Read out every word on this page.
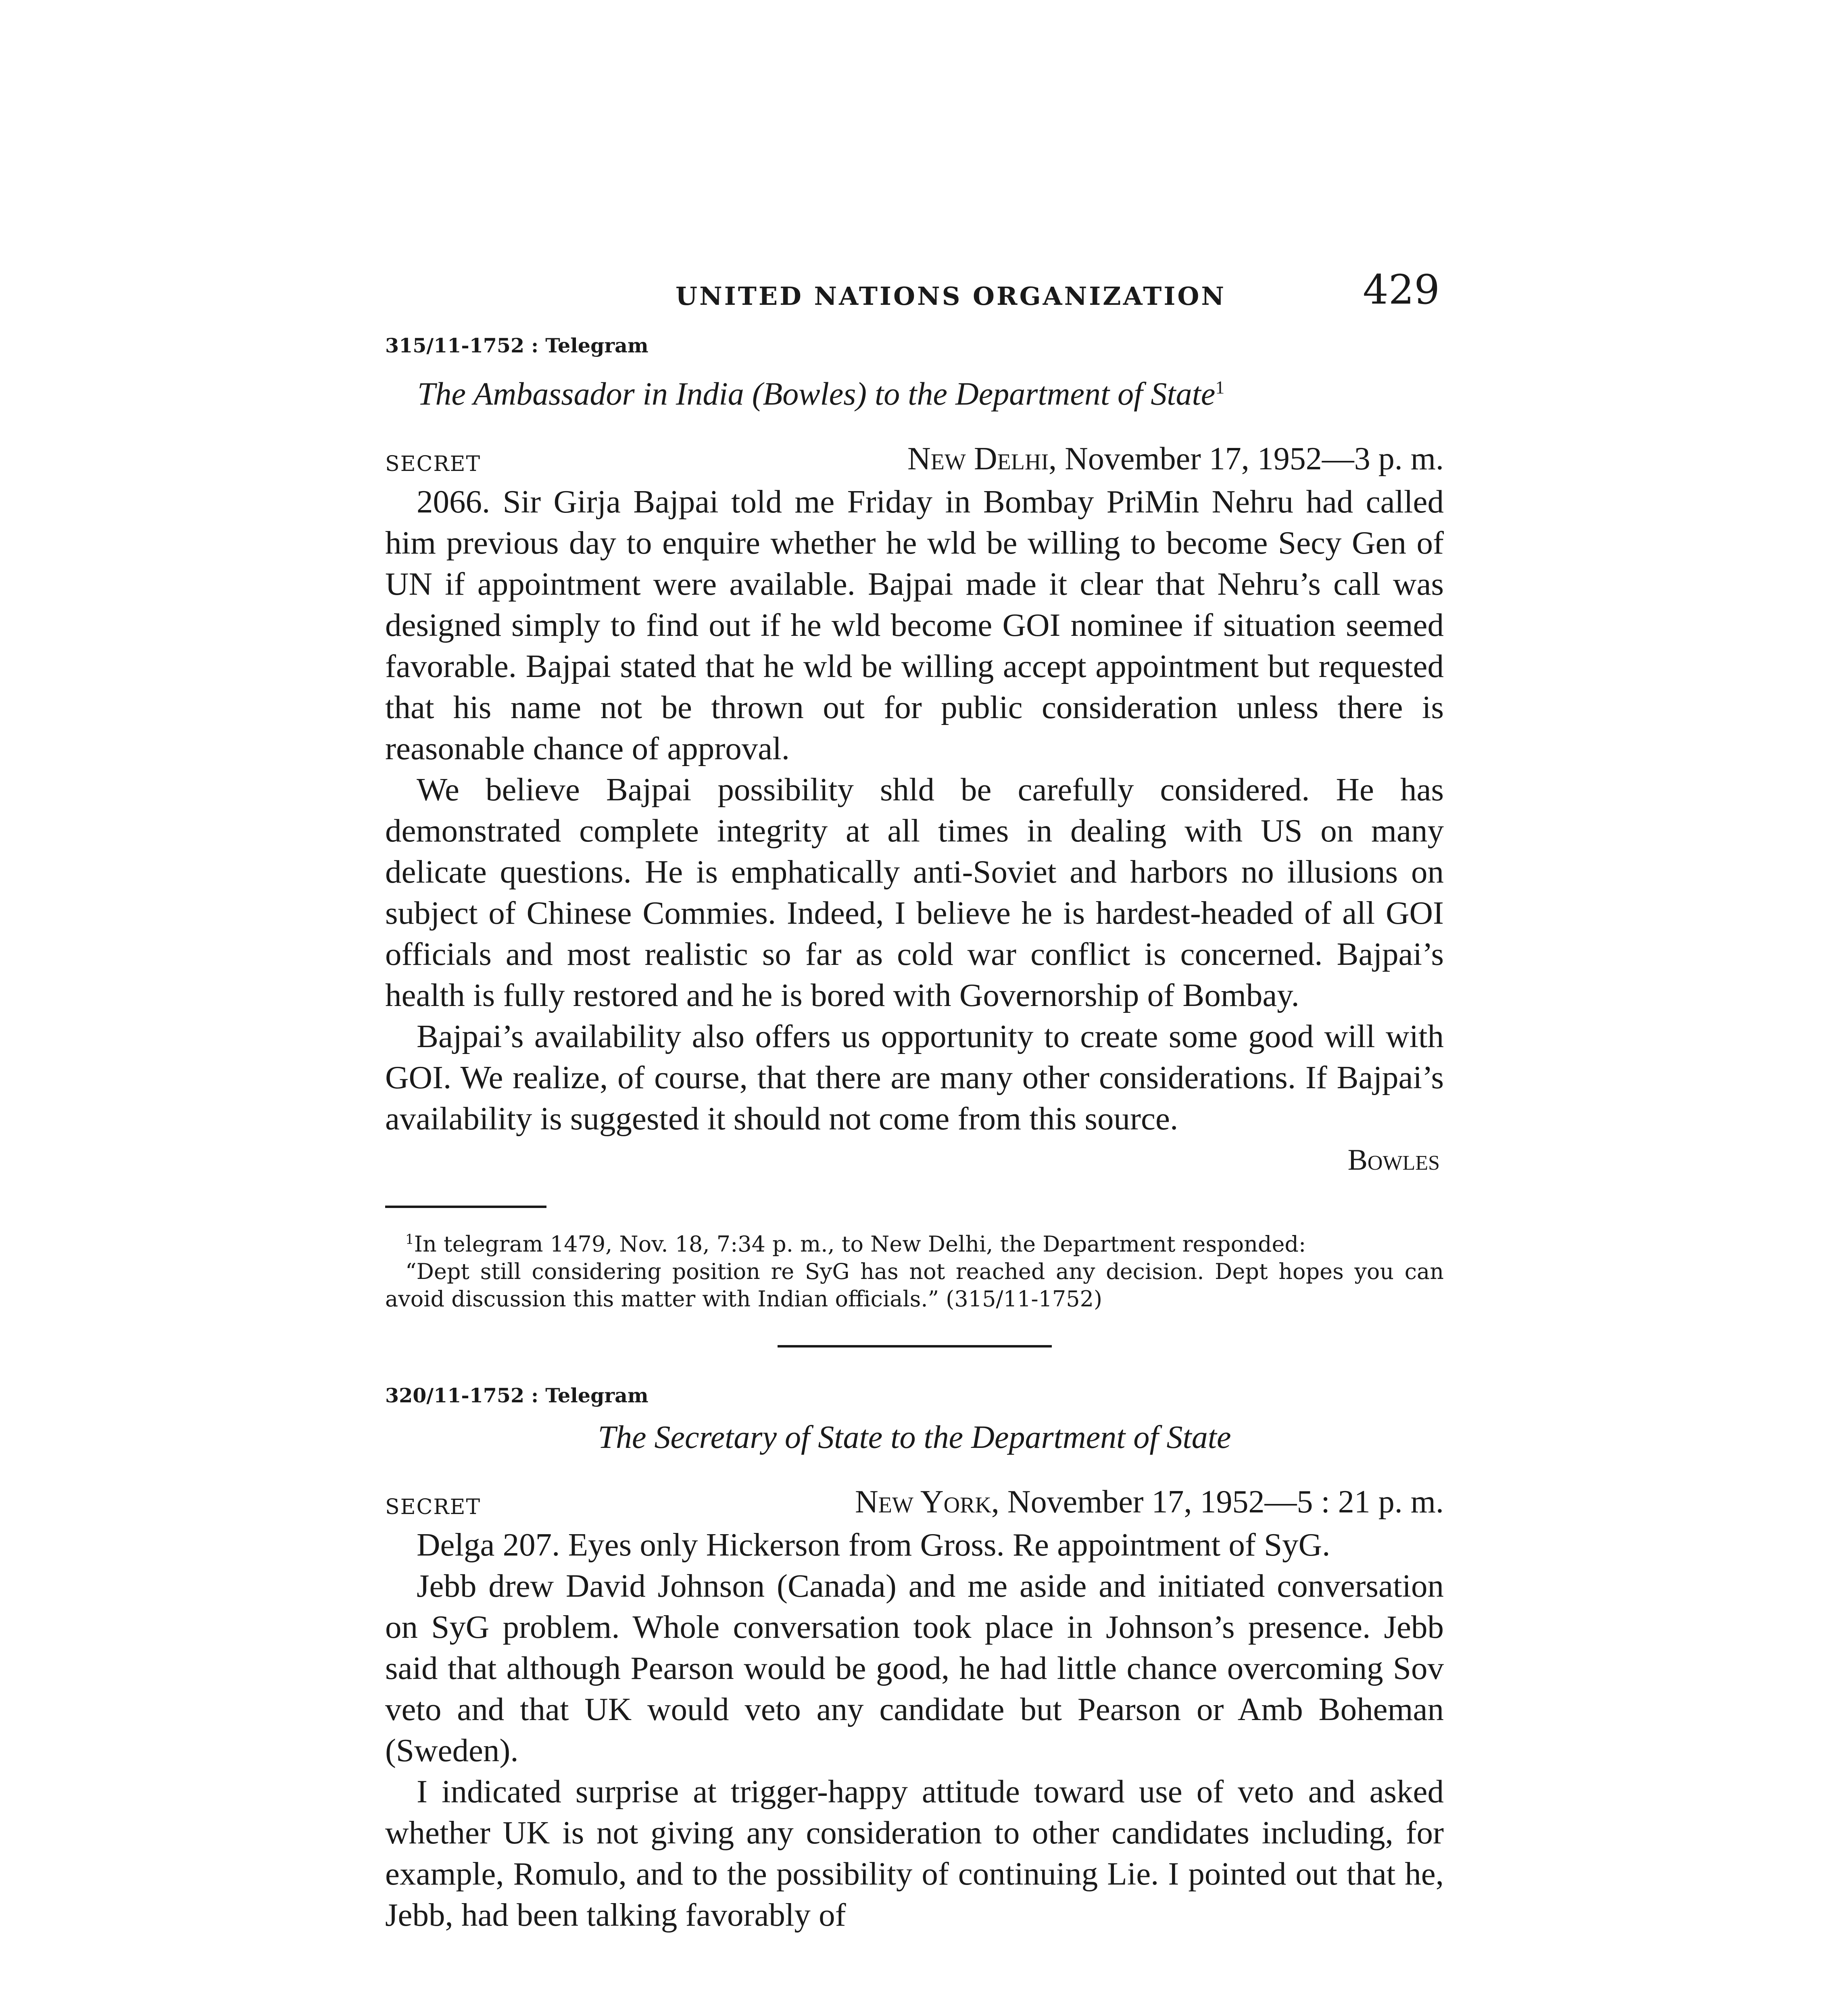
UNITED NATIONS ORGANIZATION	429
315/11-1752 : Telegram
The Ambassador in India (Bowles) to the Department of State$^1$
SECRET	New Delhi, November 17, 1952—3 p. m.

2066. Sir Girja Bajpai told me Friday in Bombay PriMin Nehru had called him previous day to enquire whether he wld be willing to become Secy Gen of UN if appointment were available. Bajpai made it clear that Nehru’s call was designed simply to find out if he wld become GOI nominee if situation seemed favorable. Bajpai stated that he wld be willing accept appointment but requested that his name not be thrown out for public consideration unless there is reasonable chance of approval.

We believe Bajpai possibility shld be carefully considered. He has demonstrated complete integrity at all times in dealing with US on many delicate questions. He is emphatically anti-Soviet and harbors no illusions on subject of Chinese Commies. Indeed, I believe he is hardest-headed of all GOI officials and most realistic so far as cold war conflict is concerned. Bajpai’s health is fully restored and he is bored with Governorship of Bombay.

Bajpai’s availability also offers us opportunity to create some good will with GOI. We realize, of course, that there are many other considerations. If Bajpai’s availability is suggested it should not come from this source.

Bowles

$^1$In telegram 1479, Nov. 18, 7:34 p. m., to New Delhi, the Department responded:

“Dept still considering position re SyG has not reached any decision. Dept hopes you can avoid discussion this matter with Indian officials.” (315/11-1752)

320/11-1752 : Telegram
The Secretary of State to the Department of State
SECRET	New York, November 17, 1952—5 : 21 p. m.

Delga 207. Eyes only Hickerson from Gross. Re appointment of SyG.

Jebb drew David Johnson (Canada) and me aside and initiated conversation on SyG problem. Whole conversation took place in Johnson’s presence. Jebb said that although Pearson would be good, he had little chance overcoming Sov veto and that UK would veto any candidate but Pearson or Amb Boheman (Sweden).

I indicated surprise at trigger-happy attitude toward use of veto and asked whether UK is not giving any consideration to other candidates including, for example, Romulo, and to the possibility of continuing Lie. I pointed out that he, Jebb, had been talking favorably of
